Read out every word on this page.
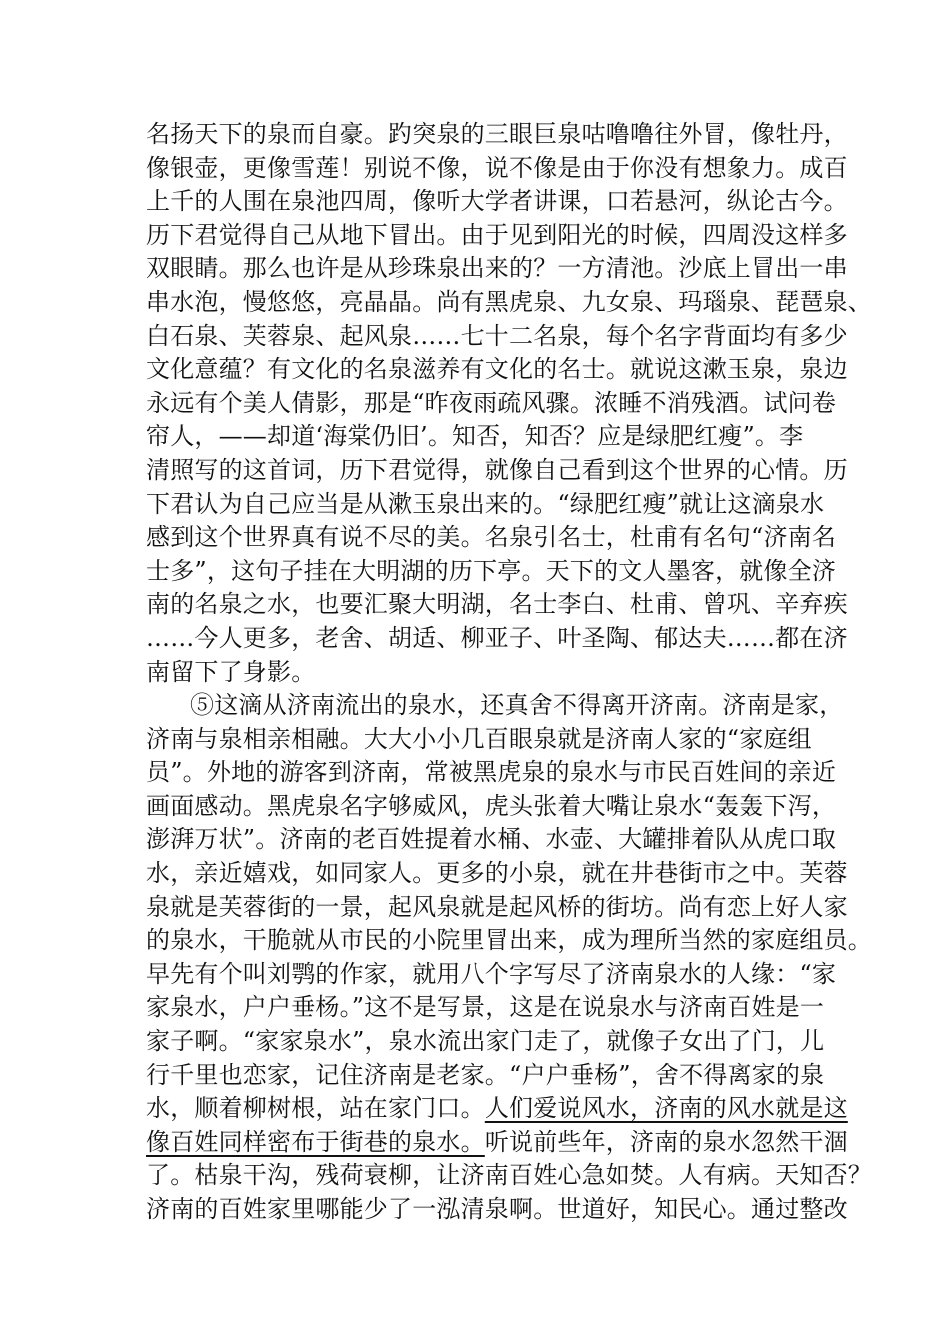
名扬天下的泉而自豪。趵突泉的三眼巨泉咕噜噜往外冒，像牡丹，
像银壶，更像雪莲！别说不像，说不像是由于你没有想象力。成百
上千的人围在泉池四周，像听大学者讲课，口若悬河，纵论古今。
历下君觉得自己从地下冒出。由于见到阳光的时候，四周没这样多
双眼睛。那么也许是从珍珠泉出来的？一方清池。沙底上冒出一串
串水泡，慢悠悠，亮晶晶。尚有黑虎泉、九女泉、玛瑙泉、琵琶泉、
白石泉、芙蓉泉、起风泉……七十二名泉，每个名字背面均有多少
文化意蕴？有文化的名泉滋养有文化的名士。就说这漱玉泉，泉边
永远有个美人倩影，那是“昨夜雨疏风骤。浓睡不消残酒。试问卷
帘人，——却道‘海棠仍旧’。知否，知否？应是绿肥红瘦”。李
清照写的这首词，历下君觉得，就像自己看到这个世界的心情。历
下君认为自己应当是从漱玉泉出来的。“绿肥红瘦”就让这滴泉水
感到这个世界真有说不尽的美。名泉引名士，杜甫有名句“济南名
士多”，这句子挂在大明湖的历下亭。天下的文人墨客，就像全济
南的名泉之水，也要汇聚大明湖，名士李白、杜甫、曾巩、辛弃疾
……今人更多，老舍、胡适、柳亚子、叶圣陶、郁达夫……都在济
南留下了身影。
⑤这滴从济南流出的泉水，还真舍不得离开济南。济南是家，
济南与泉相亲相融。大大小小几百眼泉就是济南人家的“家庭组
员”。外地的游客到济南，常被黑虎泉的泉水与市民百姓间的亲近
画面感动。黑虎泉名字够威风，虎头张着大嘴让泉水“轰轰下泻，
澎湃万状”。济南的老百姓提着水桶、水壶、大罐排着队从虎口取
水，亲近嬉戏，如同家人。更多的小泉，就在井巷街市之中。芙蓉
泉就是芙蓉街的一景，起风泉就是起风桥的街坊。尚有恋上好人家
的泉水，干脆就从市民的小院里冒出来，成为理所当然的家庭组员。
早先有个叫刘鹗的作家，就用八个字写尽了济南泉水的人缘：“家
家泉水，户户垂杨。”这不是写景，这是在说泉水与济南百姓是一
家子啊。“家家泉水”，泉水流出家门走了，就像子女出了门，儿
行千里也恋家，记住济南是老家。“户户垂杨”，舍不得离家的泉
水，顺着柳树根，站在家门口。人们爱说风水，济南的风水就是这
像百姓同样密布于街巷的泉水。听说前些年，济南的泉水忽然干涸
了。枯泉干沟，残荷衰柳，让济南百姓心急如焚。人有病。天知否？
济南的百姓家里哪能少了一泓清泉啊。世道好，知民心。通过整改
